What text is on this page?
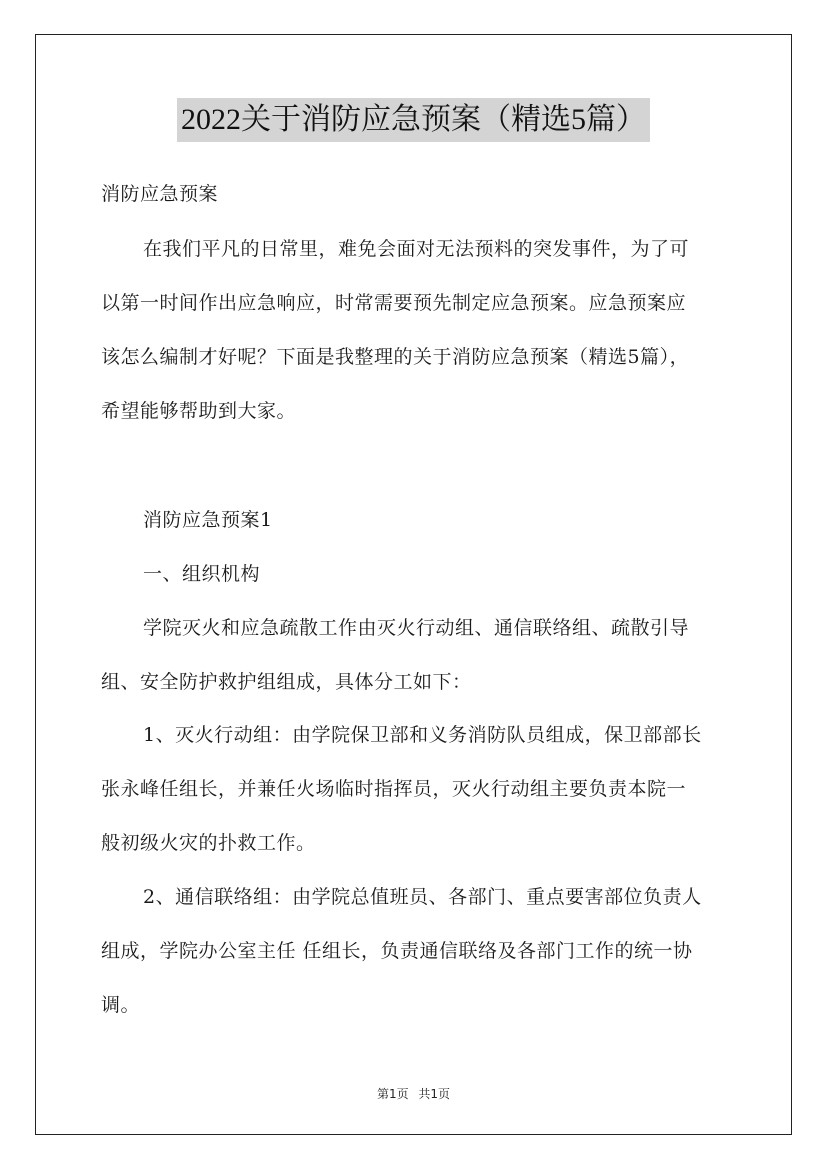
2022关于消防应急预案（精选5篇）
消防应急预案
在我们平凡的日常里，难免会面对无法预料的突发事件，为了可
以第一时间作出应急响应，时常需要预先制定应急预案。应急预案应
该怎么编制才好呢？下面是我整理的关于消防应急预案（精选5篇），
希望能够帮助到大家。
消防应急预案1
一、组织机构
学院灭火和应急疏散工作由灭火行动组、通信联络组、疏散引导
组、安全防护救护组组成，具体分工如下：
1、灭火行动组：由学院保卫部和义务消防队员组成，保卫部部长
张永峰任组长，并兼任火场临时指挥员，灭火行动组主要负责本院一
般初级火灾的扑救工作。
2、通信联络组：由学院总值班员、各部门、重点要害部位负责人
组成，学院办公室主任 任组长，负责通信联络及各部门工作的统一协
调。
第1页 共1页
